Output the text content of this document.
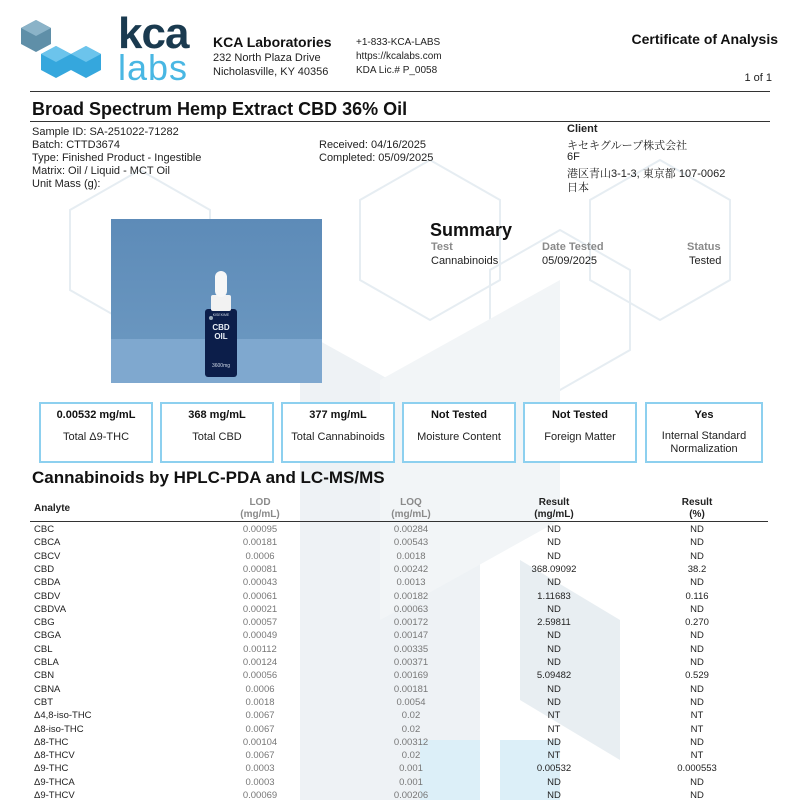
kca
labs
KCA Laboratories
232 North Plaza Drive
Nicholasville, KY 40356
+1-833-KCA-LABS
https://kcalabs.com
KDA Lic.# P_0058
Certificate of Analysis
1 of 1
Broad Spectrum Hemp Extract CBD 36% Oil
Sample ID: SA-251022-71282
Batch: CTTD3674
Type: Finished Product - Ingestible
Matrix: Oil / Liquid - MCT Oil
Unit Mass (g):
Received: 04/16/2025
Completed: 05/09/2025
Client
キセキグループ株式会社
6F
港区青山3-1-3, 東京都 107-0062
日本
KISEKIME
CBD
OIL
3600mg
Summary
Test	Date Tested	Status
Cannabinoids	05/09/2025	Tested
0.00532 mg/mL
Total Δ9-THC
368 mg/mL
Total CBD
377 mg/mL
Total Cannabinoids
Not Tested
Moisture Content
Not Tested
Foreign Matter
Yes
Internal Standard Normalization
Cannabinoids by HPLC-PDA and LC-MS/MS
Analyte
LOD
(mg/mL)
LOQ
(mg/mL)
Result
(mg/mL)
Result
(%)
CBC	0.00095	0.00284	ND	ND
CBCA	0.00181	0.00543	ND	ND
CBCV	0.0006	0.0018	ND	ND
CBD	0.00081	0.00242	368.09092	38.2
CBDA	0.00043	0.0013	ND	ND
CBDV	0.00061	0.00182	1.11683	0.116
CBDVA	0.00021	0.00063	ND	ND
CBG	0.00057	0.00172	2.59811	0.270
CBGA	0.00049	0.00147	ND	ND
CBL	0.00112	0.00335	ND	ND
CBLA	0.00124	0.00371	ND	ND
CBN	0.00056	0.00169	5.09482	0.529
CBNA	0.0006	0.00181	ND	ND
CBT	0.0018	0.0054	ND	ND
Δ4,8-iso-THC	0.0067	0.02	NT	NT
Δ8-iso-THC	0.0067	0.02	NT	NT
Δ8-THC	0.00104	0.00312	ND	ND
Δ8-THCV	0.0067	0.02	NT	NT
Δ9-THC	0.0003	0.001	0.00532	0.000553
Δ9-THCA	0.0003	0.001	ND	ND
Δ9-THCV	0.00069	0.00206	ND	ND
